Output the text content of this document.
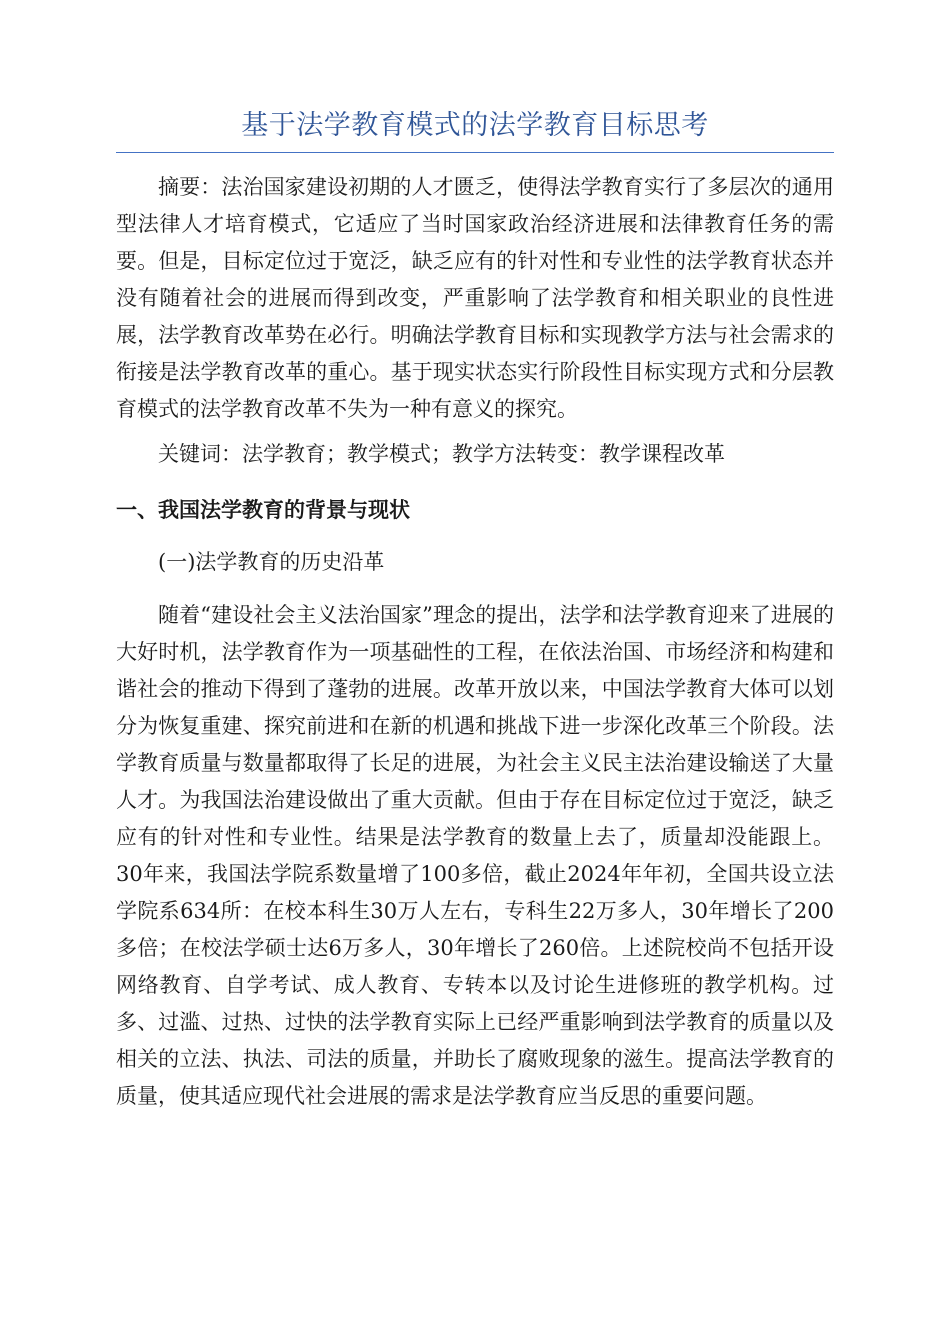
基于法学教育模式的法学教育目标思考

摘要：法治国家建设初期的人才匮乏，使得法学教育实行了多层次的通用型法律人才培育模式，它适应了当时国家政治经济进展和法律教育任务的需要。但是，目标定位过于宽泛，缺乏应有的针对性和专业性的法学教育状态并没有随着社会的进展而得到改变，严重影响了法学教育和相关职业的良性进展，法学教育改革势在必行。明确法学教育目标和实现教学方法与社会需求的衔接是法学教育改革的重心。基于现实状态实行阶段性目标实现方式和分层教育模式的法学教育改革不失为一种有意义的探究。

关键词：法学教育；教学模式；教学方法转变：教学课程改革

一、我国法学教育的背景与现状
(一)法学教育的历史沿革

随着“建设社会主义法治国家”理念的提出，法学和法学教育迎来了进展的大好时机，法学教育作为一项基础性的工程，在依法治国、市场经济和构建和谐社会的推动下得到了蓬勃的进展。改革开放以来，中国法学教育大体可以划分为恢复重建、探究前进和在新的机遇和挑战下进一步深化改革三个阶段。法学教育质量与数量都取得了长足的进展，为社会主义民主法治建设输送了大量人才。为我国法治建设做出了重大贡献。但由于存在目标定位过于宽泛，缺乏应有的针对性和专业性。结果是法学教育的数量上去了，质量却没能跟上。30年来，我国法学院系数量增了100多倍，截止2024年年初，全国共设立法学院系634所：在校本科生30万人左右，专科生22万多人，30年增长了200多倍；在校法学硕士达6万多人，30年增长了260倍。上述院校尚不包括开设网络教育、自学考试、成人教育、专转本以及讨论生进修班的教学机构。过多、过滥、过热、过快的法学教育实际上已经严重影响到法学教育的质量以及相关的立法、执法、司法的质量，并助长了腐败现象的滋生。提高法学教育的质量，使其适应现代社会进展的需求是法学教育应当反思的重要问题。
